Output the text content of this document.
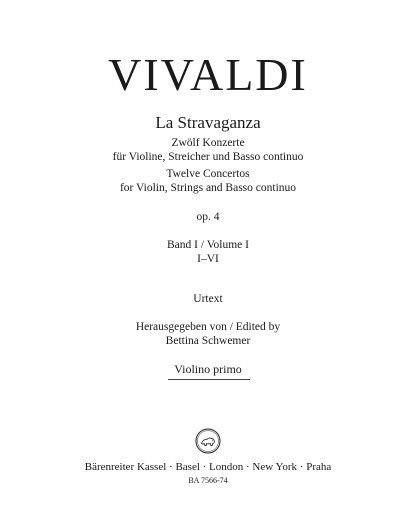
VIVALDI
La Stravaganza
Zwölf Konzerte
für Violine, Streicher und Basso continuo
Twelve Concertos
for Violin, Strings and Basso continuo
op. 4
Band I / Volume I
I–VI
Urtext
Herausgegeben von / Edited by
Bettina Schwemer
Violino primo
Bärenreiter Kassel · Basel · London · New York · Praha
BA 7566-74
